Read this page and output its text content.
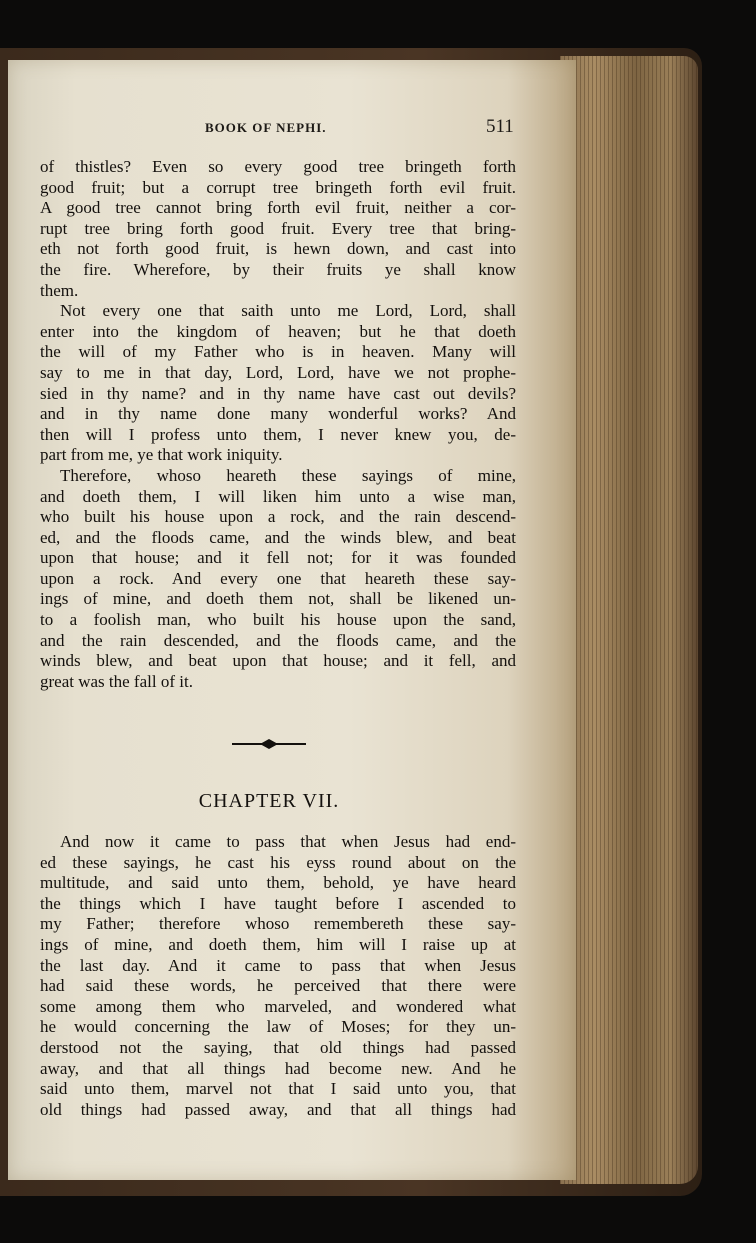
BOOK OF NEPHI.	511
of thistles? Even so every good tree bringeth forth
good fruit; but a corrupt tree bringeth forth evil fruit.
A good tree cannot bring forth evil fruit, neither a cor-
rupt tree bring forth good fruit. Every tree that bring-
eth not forth good fruit, is hewn down, and cast into
the fire. Wherefore, by their fruits ye shall know
them.
Not every one that saith unto me Lord, Lord, shall
enter into the kingdom of heaven; but he that doeth
the will of my Father who is in heaven. Many will
say to me in that day, Lord, Lord, have we not prophe-
sied in thy name? and in thy name have cast out devils?
and in thy name done many wonderful works? And
then will I profess unto them, I never knew you, de-
part from me, ye that work iniquity.
Therefore, whoso heareth these sayings of mine,
and doeth them, I will liken him unto a wise man,
who built his house upon a rock, and the rain descend-
ed, and the floods came, and the winds blew, and beat
upon that house; and it fell not; for it was founded
upon a rock. And every one that heareth these say-
ings of mine, and doeth them not, shall be likened un-
to a foolish man, who built his house upon the sand,
and the rain descended, and the floods came, and the
winds blew, and beat upon that house; and it fell, and
great was the fall of it.
CHAPTER VII.
And now it came to pass that when Jesus had end-
ed these sayings, he cast his eyss round about on the
multitude, and said unto them, behold, ye have heard
the things which I have taught before I ascended to
my Father; therefore whoso remembereth these say-
ings of mine, and doeth them, him will I raise up at
the last day. And it came to pass that when Jesus
had said these words, he perceived that there were
some among them who marveled, and wondered what
he would concerning the law of Moses; for they un-
derstood not the saying, that old things had passed
away, and that all things had become new. And he
said unto them, marvel not that I said unto you, that
old things had passed away, and that all things had
